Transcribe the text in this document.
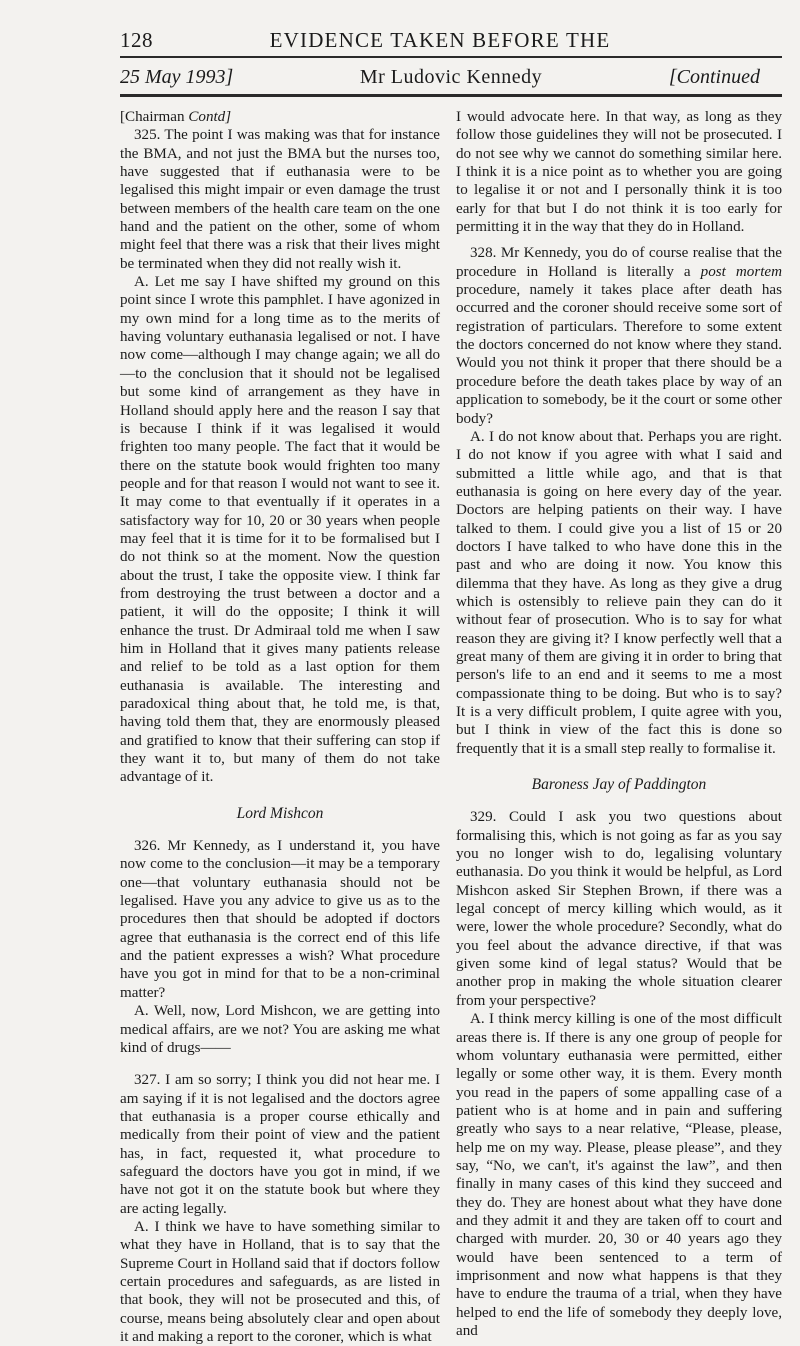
128	EVIDENCE TAKEN BEFORE THE
25 May 1993]	Mr Ludovic Kennedy	[Continued

[Chairman Contd]

325. The point I was making was that for instance the BMA, and not just the BMA but the nurses too, have suggested that if euthanasia were to be legalised this might impair or even damage the trust between members of the health care team on the one hand and the patient on the other, some of whom might feel that there was a risk that their lives might be terminated when they did not really wish it.

A. Let me say I have shifted my ground on this point since I wrote this pamphlet. I have agonized in my own mind for a long time as to the merits of having voluntary euthanasia legalised or not. I have now come—although I may change again; we all do—to the conclusion that it should not be legalised but some kind of arrangement as they have in Holland should apply here and the reason I say that is because I think if it was legalised it would frighten too many people. The fact that it would be there on the statute book would frighten too many people and for that reason I would not want to see it. It may come to that eventually if it operates in a satisfactory way for 10, 20 or 30 years when people may feel that it is time for it to be formalised but I do not think so at the moment. Now the question about the trust, I take the opposite view. I think far from destroying the trust between a doctor and a patient, it will do the opposite; I think it will enhance the trust. Dr Admiraal told me when I saw him in Holland that it gives many patients release and relief to be told as a last option for them euthanasia is available. The interesting and paradoxical thing about that, he told me, is that, having told them that, they are enormously pleased and gratified to know that their suffering can stop if they want it to, but many of them do not take advantage of it.

Lord Mishcon

326. Mr Kennedy, as I understand it, you have now come to the conclusion—it may be a temporary one—that voluntary euthanasia should not be legalised. Have you any advice to give us as to the procedures then that should be adopted if doctors agree that euthanasia is the correct end of this life and the patient expresses a wish? What procedure have you got in mind for that to be a non-criminal matter?

A. Well, now, Lord Mishcon, we are getting into medical affairs, are we not? You are asking me what kind of drugs——

327. I am so sorry; I think you did not hear me. I am saying if it is not legalised and the doctors agree that euthanasia is a proper course ethically and medically from their point of view and the patient has, in fact, requested it, what procedure to safeguard the doctors have you got in mind, if we have not got it on the statute book but where they are acting legally.

A. I think we have to have something similar to what they have in Holland, that is to say that the Supreme Court in Holland said that if doctors follow certain procedures and safeguards, as are listed in that book, they will not be prosecuted and this, of course, means being absolutely clear and open about it and making a report to the coroner, which is what

I would advocate here. In that way, as long as they follow those guidelines they will not be prosecuted. I do not see why we cannot do something similar here. I think it is a nice point as to whether you are going to legalise it or not and I personally think it is too early for that but I do not think it is too early for permitting it in the way that they do in Holland.

328. Mr Kennedy, you do of course realise that the procedure in Holland is literally a post mortem procedure, namely it takes place after death has occurred and the coroner should receive some sort of registration of particulars. Therefore to some extent the doctors concerned do not know where they stand. Would you not think it proper that there should be a procedure before the death takes place by way of an application to somebody, be it the court or some other body?

A. I do not know about that. Perhaps you are right. I do not know if you agree with what I said and submitted a little while ago, and that is that euthanasia is going on here every day of the year. Doctors are helping patients on their way. I have talked to them. I could give you a list of 15 or 20 doctors I have talked to who have done this in the past and who are doing it now. You know this dilemma that they have. As long as they give a drug which is ostensibly to relieve pain they can do it without fear of prosecution. Who is to say for what reason they are giving it? I know perfectly well that a great many of them are giving it in order to bring that person's life to an end and it seems to me a most compassionate thing to be doing. But who is to say? It is a very difficult problem, I quite agree with you, but I think in view of the fact this is done so frequently that it is a small step really to formalise it.

Baroness Jay of Paddington

329. Could I ask you two questions about formalising this, which is not going as far as you say you no longer wish to do, legalising voluntary euthanasia. Do you think it would be helpful, as Lord Mishcon asked Sir Stephen Brown, if there was a legal concept of mercy killing which would, as it were, lower the whole procedure? Secondly, what do you feel about the advance directive, if that was given some kind of legal status? Would that be another prop in making the whole situation clearer from your perspective?

A. I think mercy killing is one of the most difficult areas there is. If there is any one group of people for whom voluntary euthanasia were permitted, either legally or some other way, it is them. Every month you read in the papers of some appalling case of a patient who is at home and in pain and suffering greatly who says to a near relative, “Please, please, help me on my way. Please, please please”, and they say, “No, we can't, it's against the law”, and then finally in many cases of this kind they succeed and they do. They are honest about what they have done and they admit it and they are taken off to court and charged with murder. 20, 30 or 40 years ago they would have been sentenced to a term of imprisonment and now what happens is that they have to endure the trauma of a trial, when they have helped to end the life of somebody they deeply love, and
